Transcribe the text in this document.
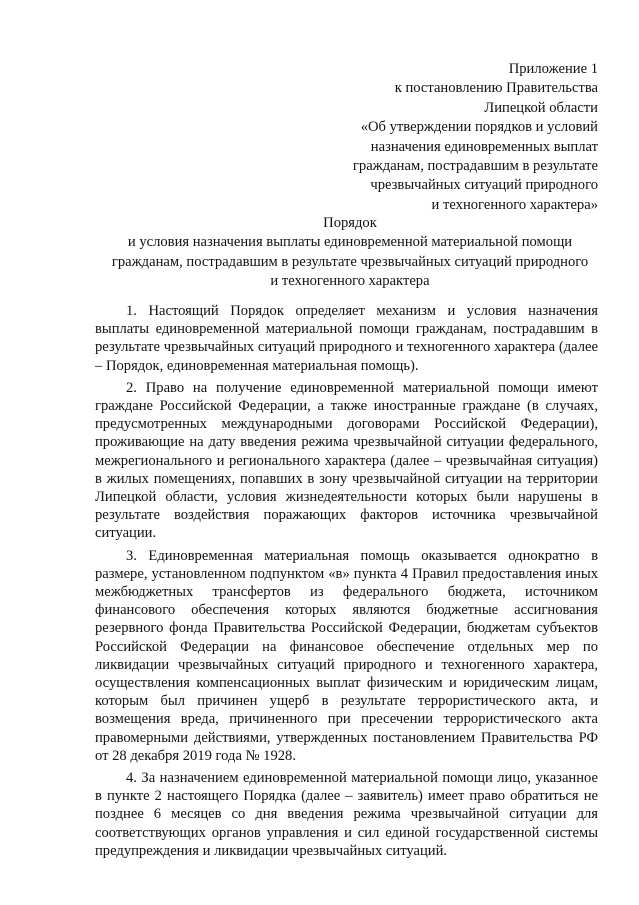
Приложение 1
к постановлению Правительства
Липецкой области
«Об утверждении порядков и условий
назначения единовременных выплат
гражданам, пострадавшим в результате
чрезвычайных ситуаций природного
и техногенного характера»
Порядок
и условия назначения выплаты единовременной материальной помощи
гражданам, пострадавшим в результате чрезвычайных ситуаций природного
и техногенного характера

1. Настоящий Порядок определяет механизм и условия назначения выплаты единовременной материальной помощи гражданам, пострадавшим в результате чрезвычайных ситуаций природного и техногенного характера (далее – Порядок, единовременная материальная помощь).

2. Право на получение единовременной материальной помощи имеют граждане Российской Федерации, а также иностранные граждане (в случаях, предусмотренных международными договорами Российской Федерации), проживающие на дату введения режима чрезвычайной ситуации федерального, межрегионального и регионального характера (далее – чрезвычайная ситуация) в жилых помещениях, попавших в зону чрезвычайной ситуации на территории Липецкой области, условия жизнедеятельности которых были нарушены в результате воздействия поражающих факторов источника чрезвычайной ситуации.

3. Единовременная материальная помощь оказывается однократно в размере, установленном подпунктом «в» пункта 4 Правил предоставления иных межбюджетных трансфертов из федерального бюджета, источником финансового обеспечения которых являются бюджетные ассигнования резервного фонда Правительства Российской Федерации, бюджетам субъектов Российской Федерации на финансовое обеспечение отдельных мер по ликвидации чрезвычайных ситуаций природного и техногенного характера, осуществления компенсационных выплат физическим и юридическим лицам, которым был причинен ущерб в результате террористического акта, и возмещения вреда, причиненного при пресечении террористического акта правомерными действиями, утвержденных постановлением Правительства РФ от 28 декабря 2019 года № 1928.

4. За назначением единовременной материальной помощи лицо, указанное в пункте 2 настоящего Порядка (далее – заявитель) имеет право обратиться не позднее 6 месяцев со дня введения режима чрезвычайной ситуации для соответствующих органов управления и сил единой государственной системы предупреждения и ликвидации чрезвычайных ситуаций.
